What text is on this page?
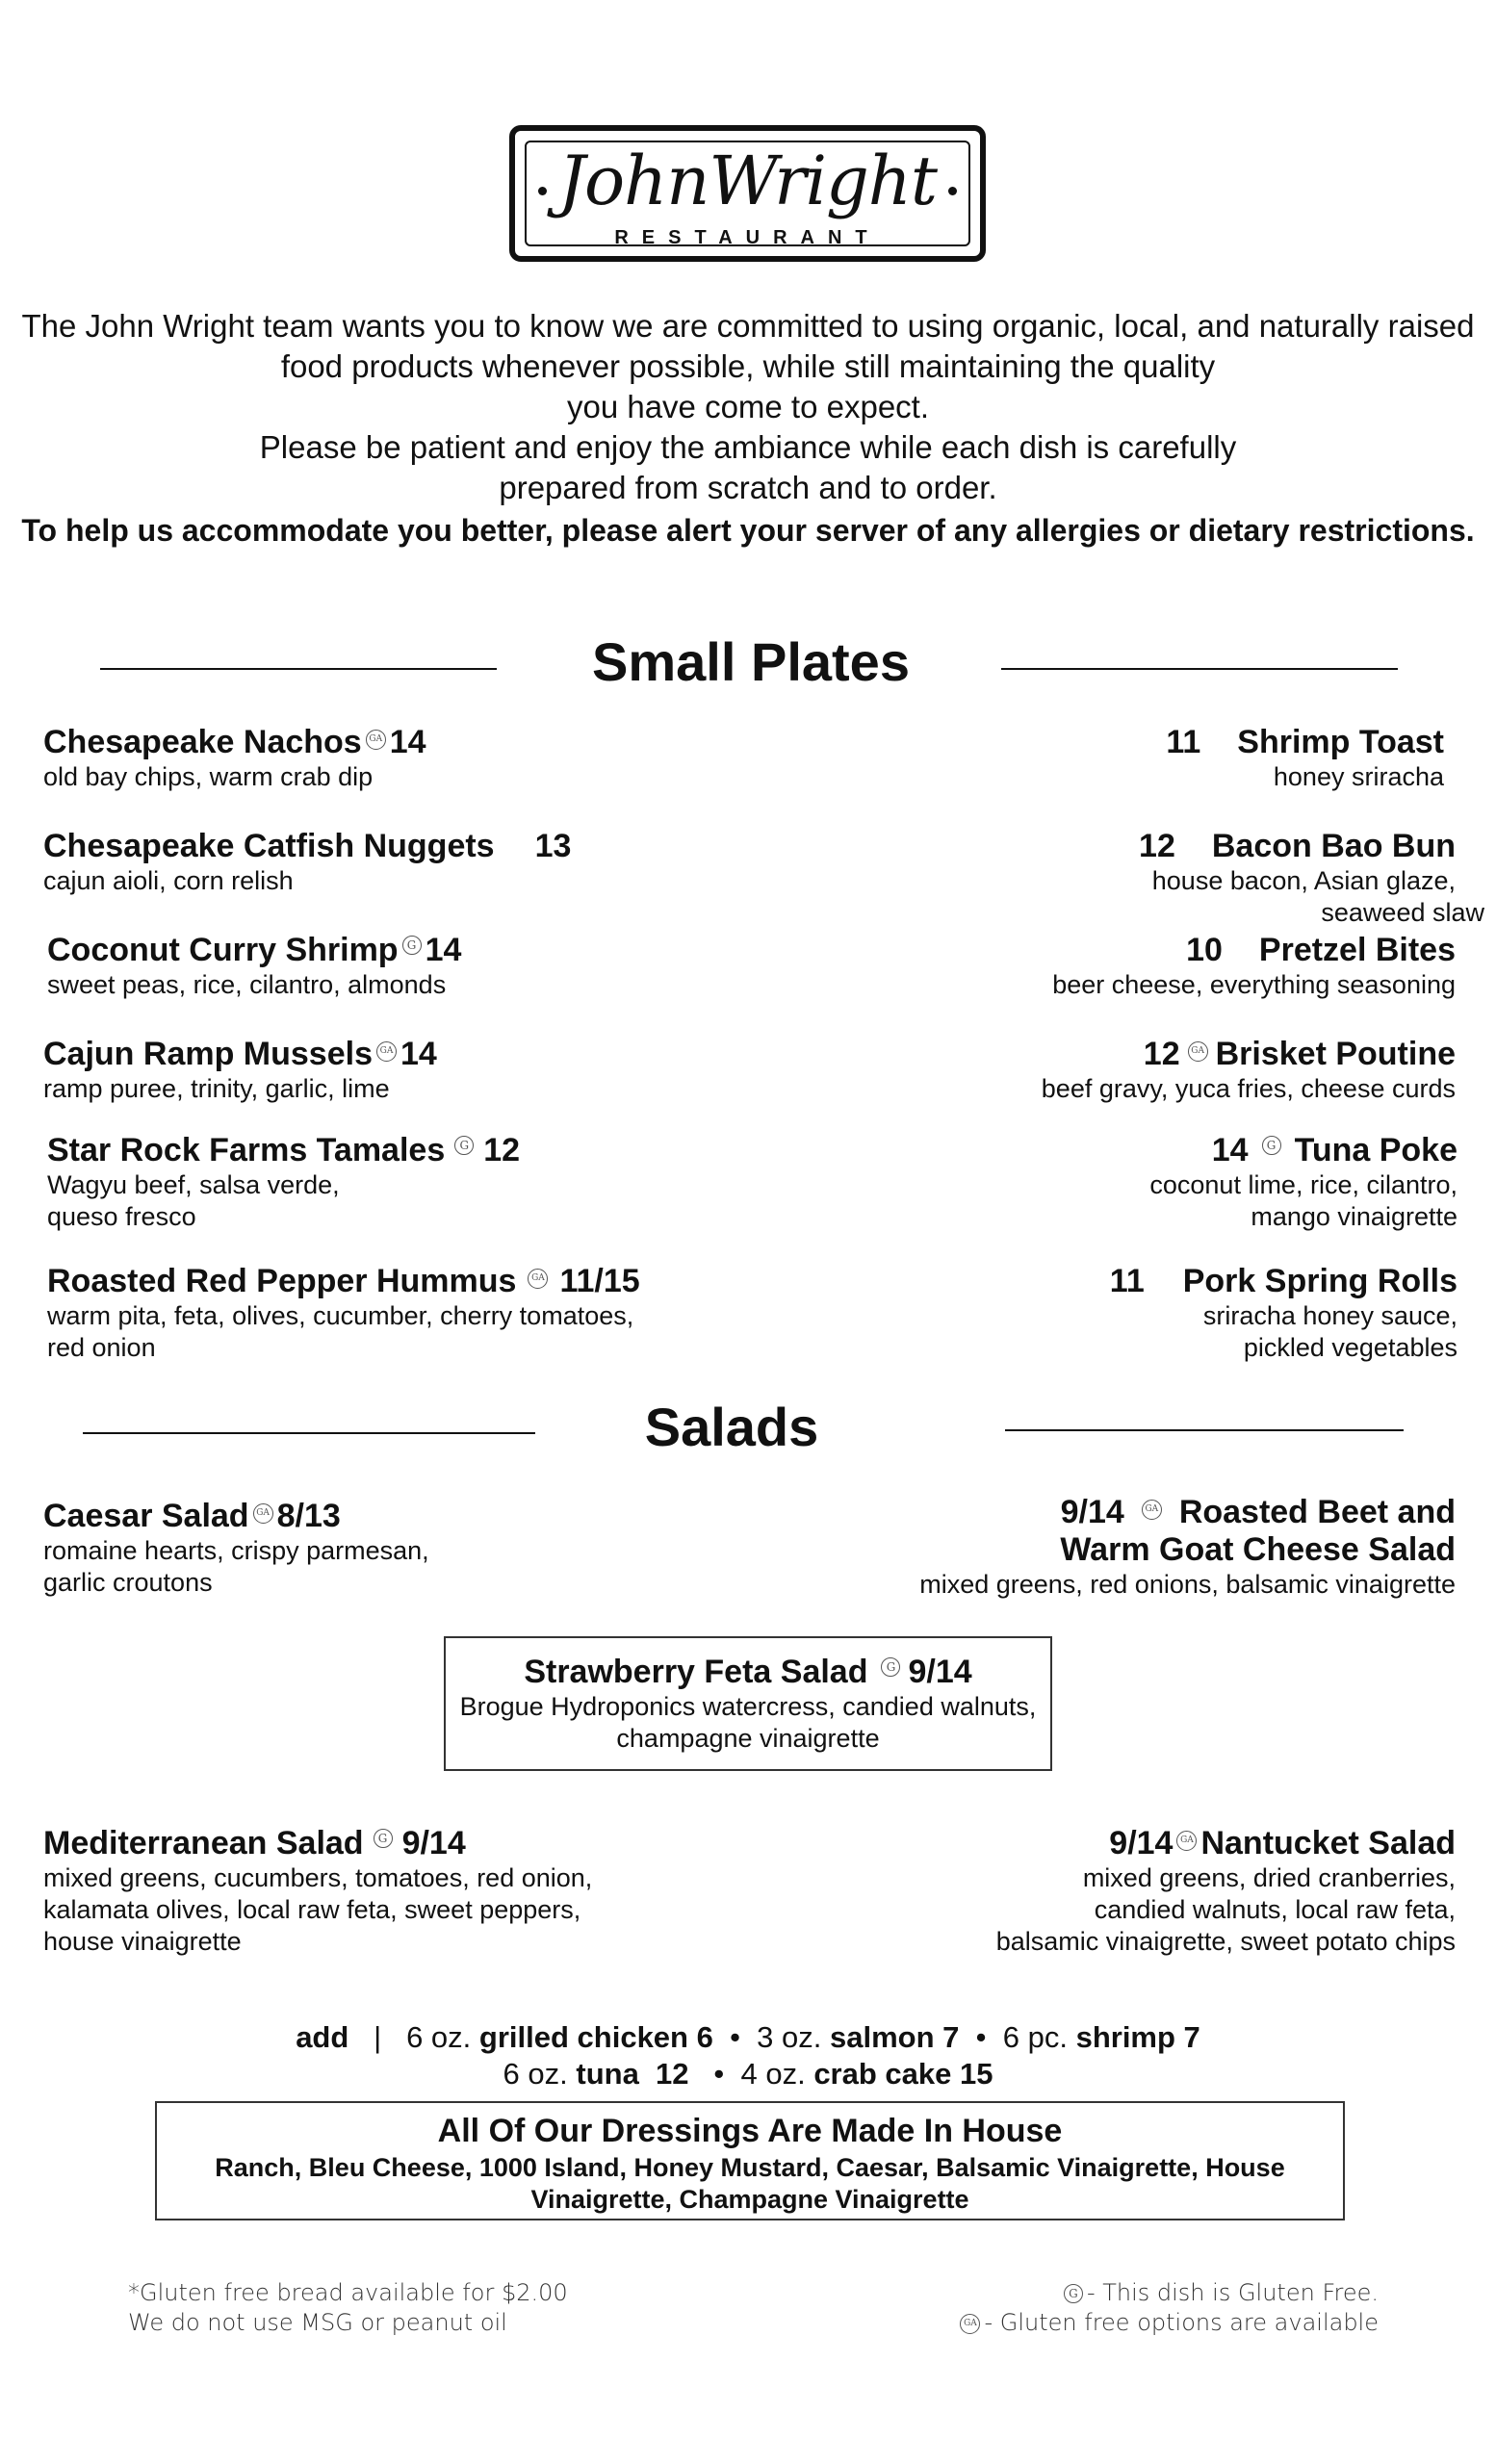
JohnWright
RESTAURANT
The John Wright team wants you to know we are committed to using organic, local, and naturally raised
food products whenever possible, while still maintaining the quality
you have come to expect.
Please be patient and enjoy the ambiance while each dish is carefully
prepared from scratch and to order.
To help us accommodate you better, please alert your server of any allergies or dietary restrictions.
Small Plates
Chesapeake Nachos GA 14
old bay chips, warm crab dip
Chesapeake Catfish Nuggets 13
cajun aioli, corn relish
Coconut Curry Shrimp G 14
sweet peas, rice, cilantro, almonds
Cajun Ramp Mussels GA 14
ramp puree, trinity, garlic, lime
Star Rock Farms Tamales G 12
Wagyu beef, salsa verde,
queso fresco
Roasted Red Pepper Hummus GA 11/15
warm pita, feta, olives, cucumber, cherry tomatoes,
red onion
11 Shrimp Toast
honey sriracha
12 Bacon Bao Bun
house bacon, Asian glaze,
seaweed slaw
10 Pretzel Bites
beer cheese, everything seasoning
12 GA Brisket Poutine
beef gravy, yuca fries, cheese curds
14 G Tuna Poke
coconut lime, rice, cilantro,
mango vinaigrette
11 Pork Spring Rolls
sriracha honey sauce,
pickled vegetables
Salads
Caesar Salad GA 8/13
romaine hearts, crispy parmesan,
garlic croutons
9/14 GA Roasted Beet and
Warm Goat Cheese Salad
mixed greens, red onions, balsamic vinaigrette
Strawberry Feta Salad G 9/14
Brogue Hydroponics watercress, candied walnuts,
champagne vinaigrette
Mediterranean Salad G 9/14
mixed greens, cucumbers, tomatoes, red onion,
kalamata olives, local raw feta, sweet peppers,
house vinaigrette
9/14 GA Nantucket Salad
mixed greens, dried cranberries,
candied walnuts, local raw feta,
balsamic vinaigrette, sweet potato chips
add | 6 oz. grilled chicken 6 • 3 oz. salmon 7 • 6 pc. shrimp 7
6 oz. tuna  12 • 4 oz. crab cake 15
All Of Our Dressings Are Made In House
Ranch, Bleu Cheese, 1000 Island, Honey Mustard, Caesar, Balsamic Vinaigrette, House
Vinaigrette, Champagne Vinaigrette
*Gluten free bread available for $2.00
We do not use MSG or peanut oil
G - This dish is Gluten Free.
GA - Gluten free options are available
